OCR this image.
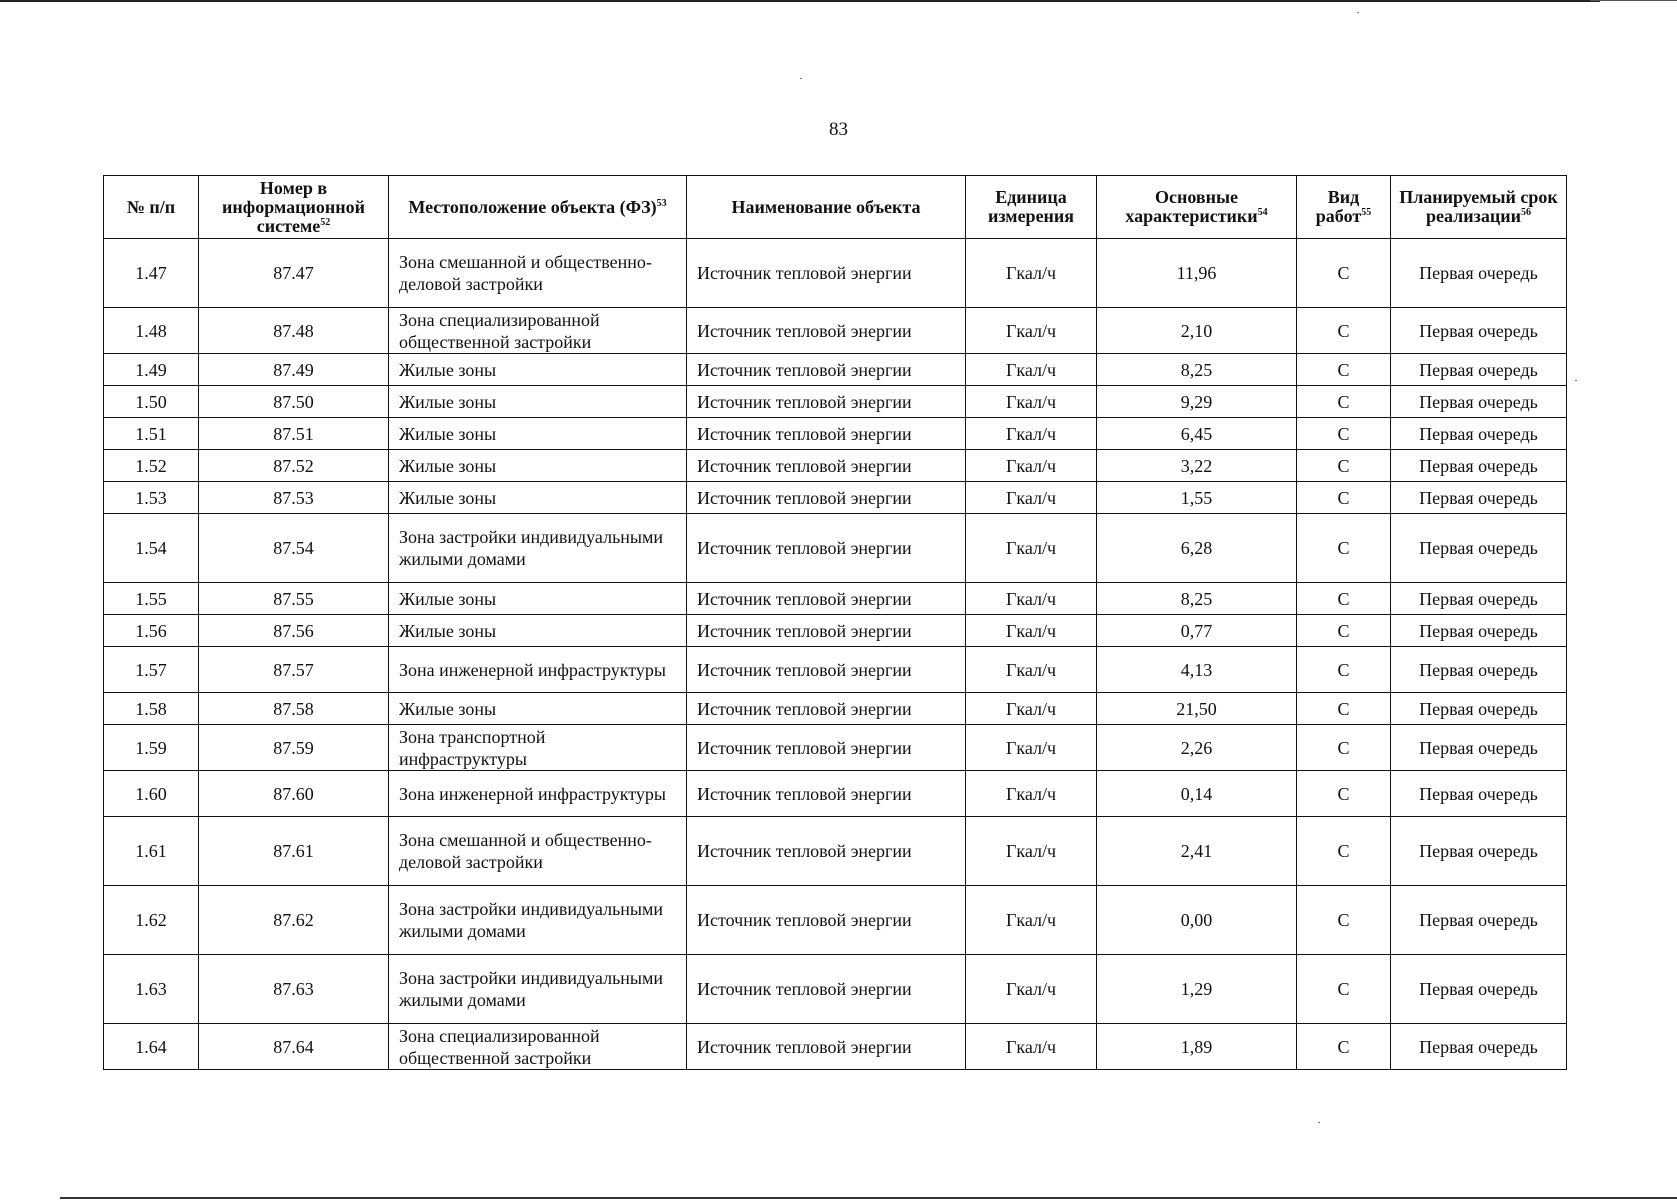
83
№ п/п	Номер в информационной системе$^{52}$	Местоположение объекта (ФЗ)$^{53}$	Наименование объекта	Единица измерения	Основные характеристики$^{54}$	Вид работ$^{55}$	Планируемый срок реализации$^{56}$
1.47	87.47	Зона смешанной и общественно-деловой застройки	Источник тепловой энергии	Гкал/ч	11,96	С	Первая очередь
1.48	87.48	Зона специализированной общественной застройки	Источник тепловой энергии	Гкал/ч	2,10	С	Первая очередь
1.49	87.49	Жилые зоны	Источник тепловой энергии	Гкал/ч	8,25	С	Первая очередь
1.50	87.50	Жилые зоны	Источник тепловой энергии	Гкал/ч	9,29	С	Первая очередь
1.51	87.51	Жилые зоны	Источник тепловой энергии	Гкал/ч	6,45	С	Первая очередь
1.52	87.52	Жилые зоны	Источник тепловой энергии	Гкал/ч	3,22	С	Первая очередь
1.53	87.53	Жилые зоны	Источник тепловой энергии	Гкал/ч	1,55	С	Первая очередь
1.54	87.54	Зона застройки индивидуальными жилыми домами	Источник тепловой энергии	Гкал/ч	6,28	С	Первая очередь
1.55	87.55	Жилые зоны	Источник тепловой энергии	Гкал/ч	8,25	С	Первая очередь
1.56	87.56	Жилые зоны	Источник тепловой энергии	Гкал/ч	0,77	С	Первая очередь
1.57	87.57	Зона инженерной инфраструктуры	Источник тепловой энергии	Гкал/ч	4,13	С	Первая очередь
1.58	87.58	Жилые зоны	Источник тепловой энергии	Гкал/ч	21,50	С	Первая очередь
1.59	87.59	Зона транспортной инфраструктуры	Источник тепловой энергии	Гкал/ч	2,26	С	Первая очередь
1.60	87.60	Зона инженерной инфраструктуры	Источник тепловой энергии	Гкал/ч	0,14	С	Первая очередь
1.61	87.61	Зона смешанной и общественно-деловой застройки	Источник тепловой энергии	Гкал/ч	2,41	С	Первая очередь
1.62	87.62	Зона застройки индивидуальными жилыми домами	Источник тепловой энергии	Гкал/ч	0,00	С	Первая очередь
1.63	87.63	Зона застройки индивидуальными жилыми домами	Источник тепловой энергии	Гкал/ч	1,29	С	Первая очередь
1.64	87.64	Зона специализированной общественной застройки	Источник тепловой энергии	Гкал/ч	1,89	С	Первая очередь
